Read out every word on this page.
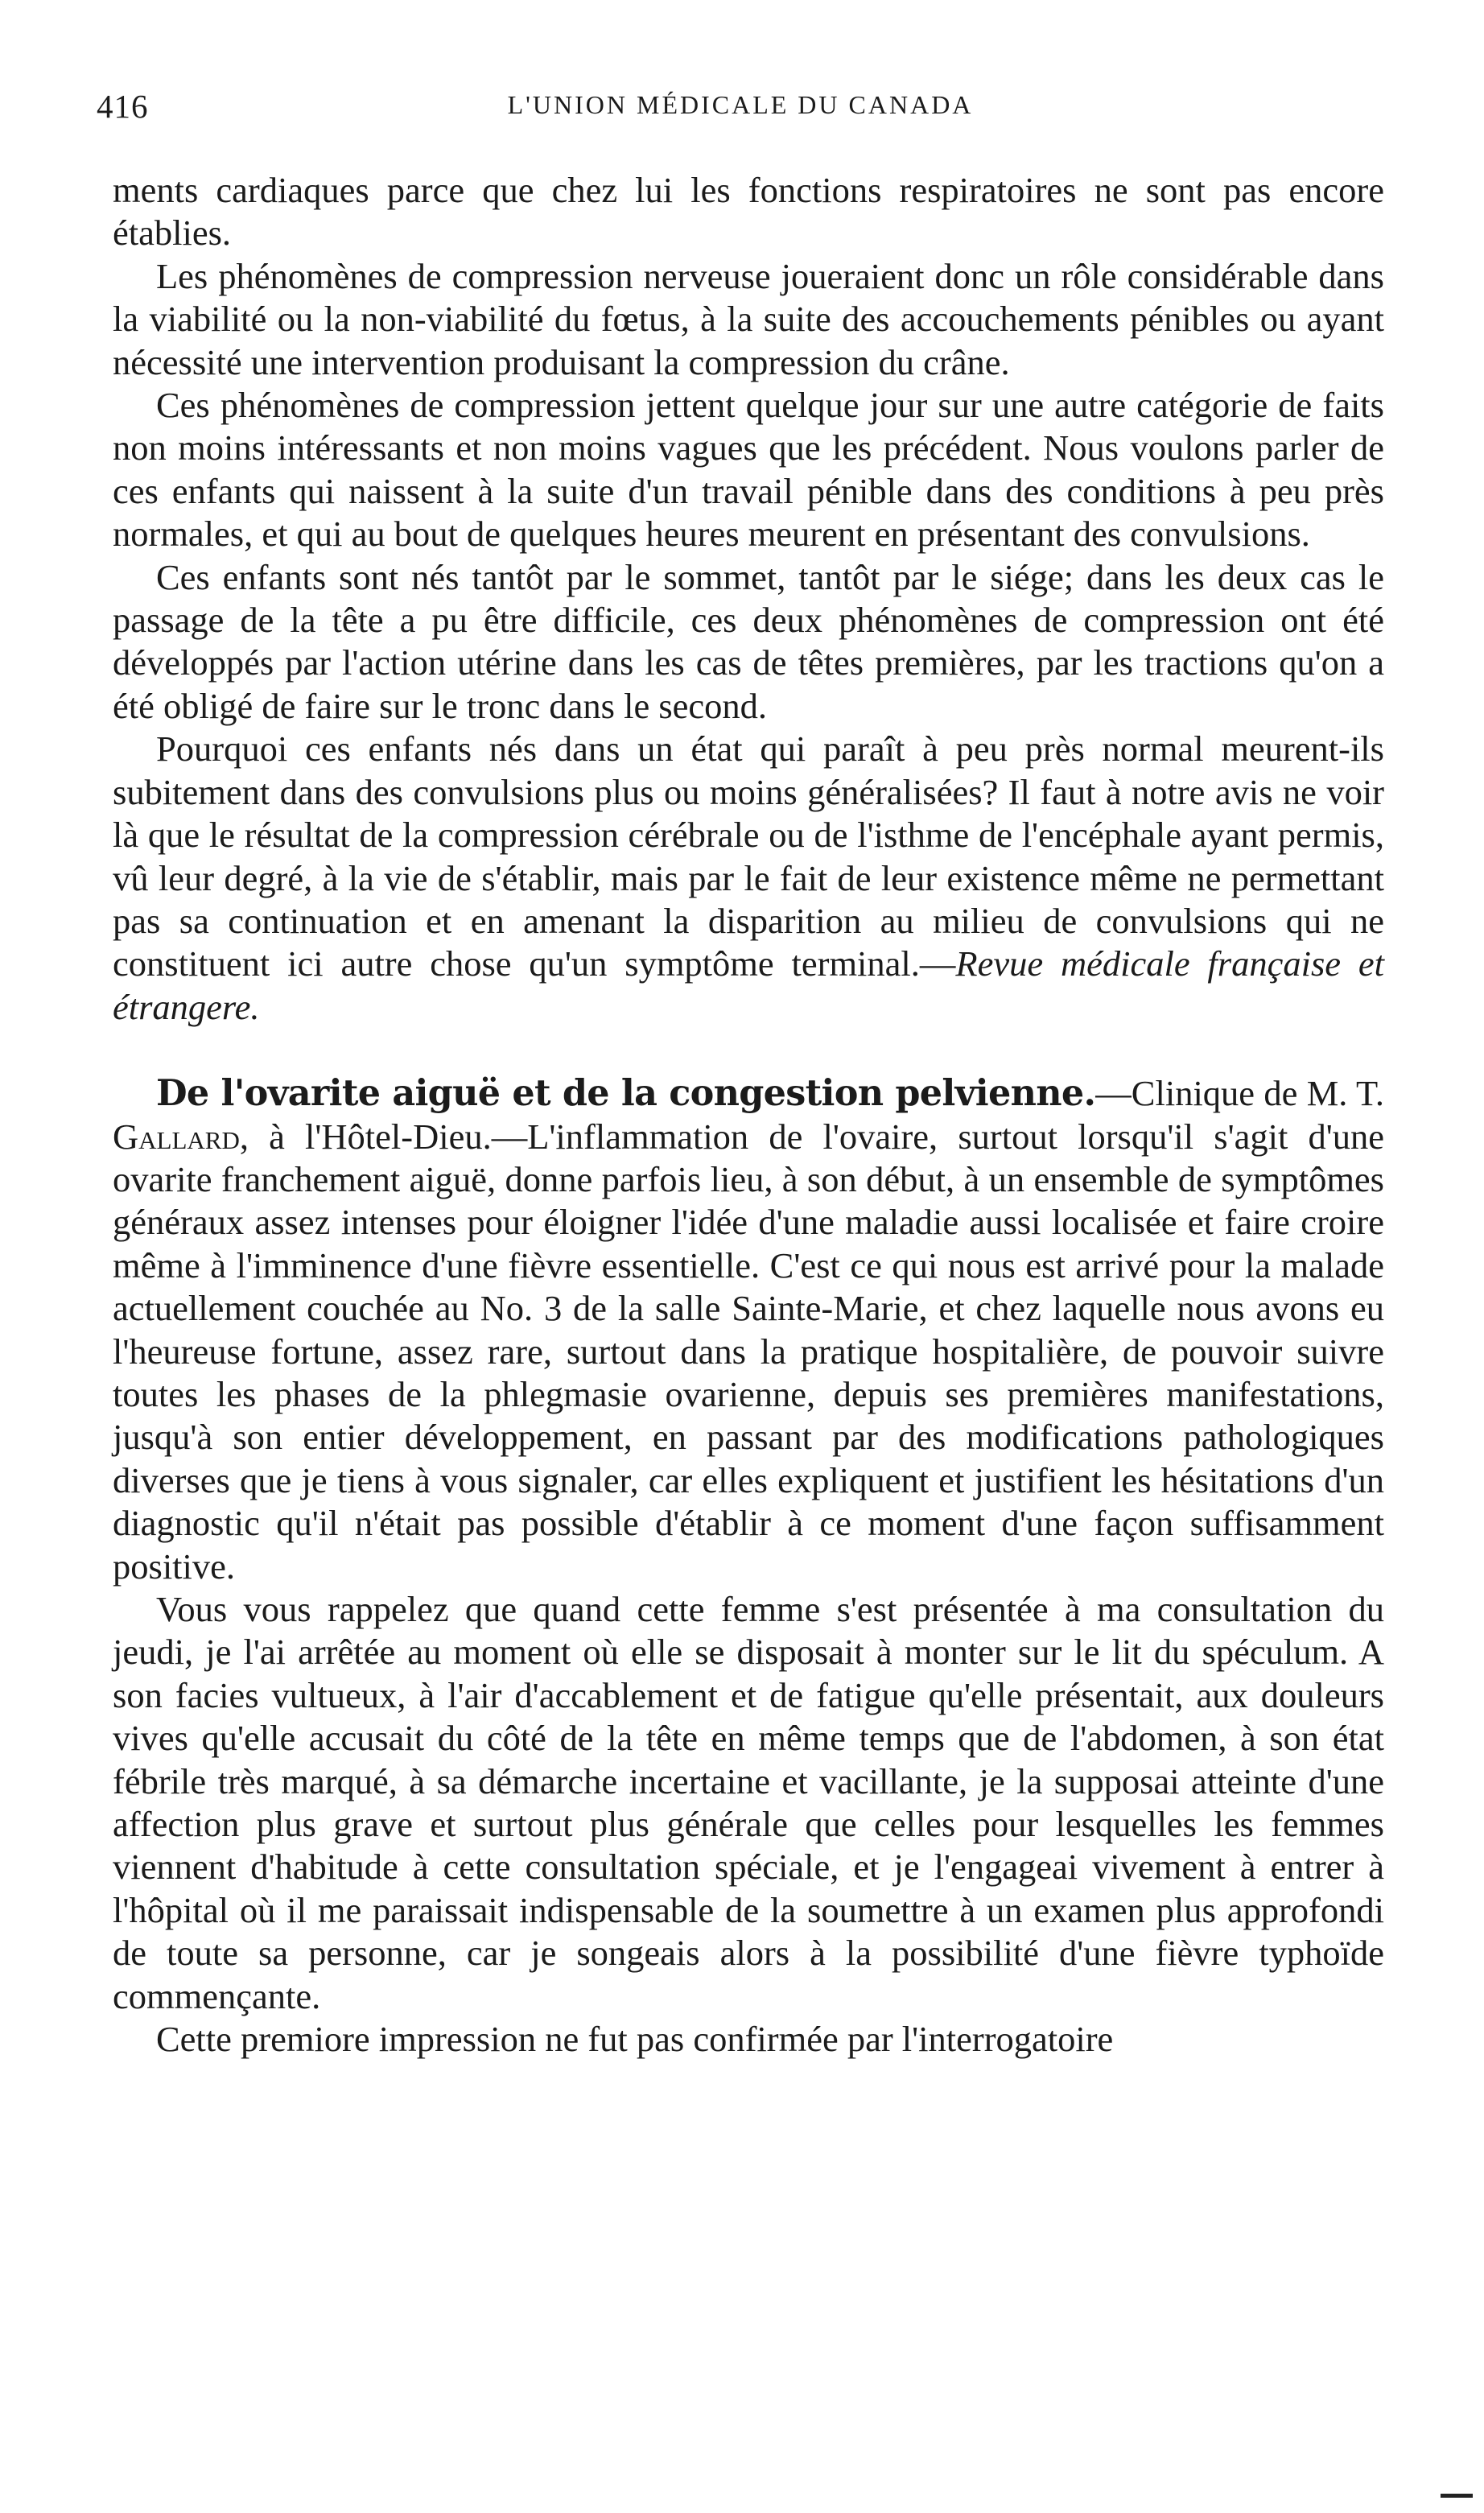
416	L'UNION MÉDICALE DU CANADA

ments cardiaques parce que chez lui les fonctions respiratoires ne sont pas encore établies.

Les phénomènes de compression nerveuse joueraient donc un rôle considérable dans la viabilité ou la non-viabilité du fœtus, à la suite des accouchements pénibles ou ayant nécessité une intervention produisant la compression du crâne.

Ces phénomènes de compression jettent quelque jour sur une autre catégorie de faits non moins intéressants et non moins vagues que les précédent. Nous voulons parler de ces enfants qui naissent à la suite d'un travail pénible dans des conditions à peu près normales, et qui au bout de quelques heures meurent en présentant des convulsions.

Ces enfants sont nés tantôt par le sommet, tantôt par le siége; dans les deux cas le passage de la tête a pu être difficile, ces deux phénomènes de compression ont été développés par l'action utérine dans les cas de têtes premières, par les tractions qu'on a été obligé de faire sur le tronc dans le second.

Pourquoi ces enfants nés dans un état qui paraît à peu près normal meurent-ils subitement dans des convulsions plus ou moins généralisées? Il faut à notre avis ne voir là que le résultat de la compression cérébrale ou de l'isthme de l'encéphale ayant permis, vû leur degré, à la vie de s'établir, mais par le fait de leur existence même ne permettant pas sa continuation et en amenant la disparition au milieu de convulsions qui ne constituent ici autre chose qu'un symptôme terminal.—Revue médicale française et étrangere.

De l'ovarite aiguë et de la congestion pelvienne.—Clinique de M. T. Gallard, à l'Hôtel-Dieu.—L'inflammation de l'ovaire, surtout lorsqu'il s'agit d'une ovarite franchement aiguë, donne parfois lieu, à son début, à un ensemble de symptômes généraux assez intenses pour éloigner l'idée d'une maladie aussi localisée et faire croire même à l'imminence d'une fièvre essentielle. C'est ce qui nous est arrivé pour la malade actuellement couchée au No. 3 de la salle Sainte-Marie, et chez laquelle nous avons eu l'heureuse fortune, assez rare, surtout dans la pratique hospitalière, de pouvoir suivre toutes les phases de la phlegmasie ovarienne, depuis ses premières manifestations, jusqu'à son entier développement, en passant par des modifications pathologiques diverses que je tiens à vous signaler, car elles expliquent et justifient les hésitations d'un diagnostic qu'il n'était pas possible d'établir à ce moment d'une façon suffisamment positive.

Vous vous rappelez que quand cette femme s'est présentée à ma consultation du jeudi, je l'ai arrêtée au moment où elle se disposait à monter sur le lit du spéculum. A son facies vultueux, à l'air d'accablement et de fatigue qu'elle présentait, aux douleurs vives qu'elle accusait du côté de la tête en même temps que de l'abdomen, à son état fébrile très marqué, à sa démarche incertaine et vacillante, je la supposai atteinte d'une affection plus grave et surtout plus générale que celles pour lesquelles les femmes viennent d'habitude à cette consultation spéciale, et je l'engageai vivement à entrer à l'hôpital où il me paraissait indispensable de la soumettre à un examen plus approfondi de toute sa personne, car je songeais alors à la possibilité d'une fièvre typhoïde commençante.

Cette premiore impression ne fut pas confirmée par l'interrogatoire
